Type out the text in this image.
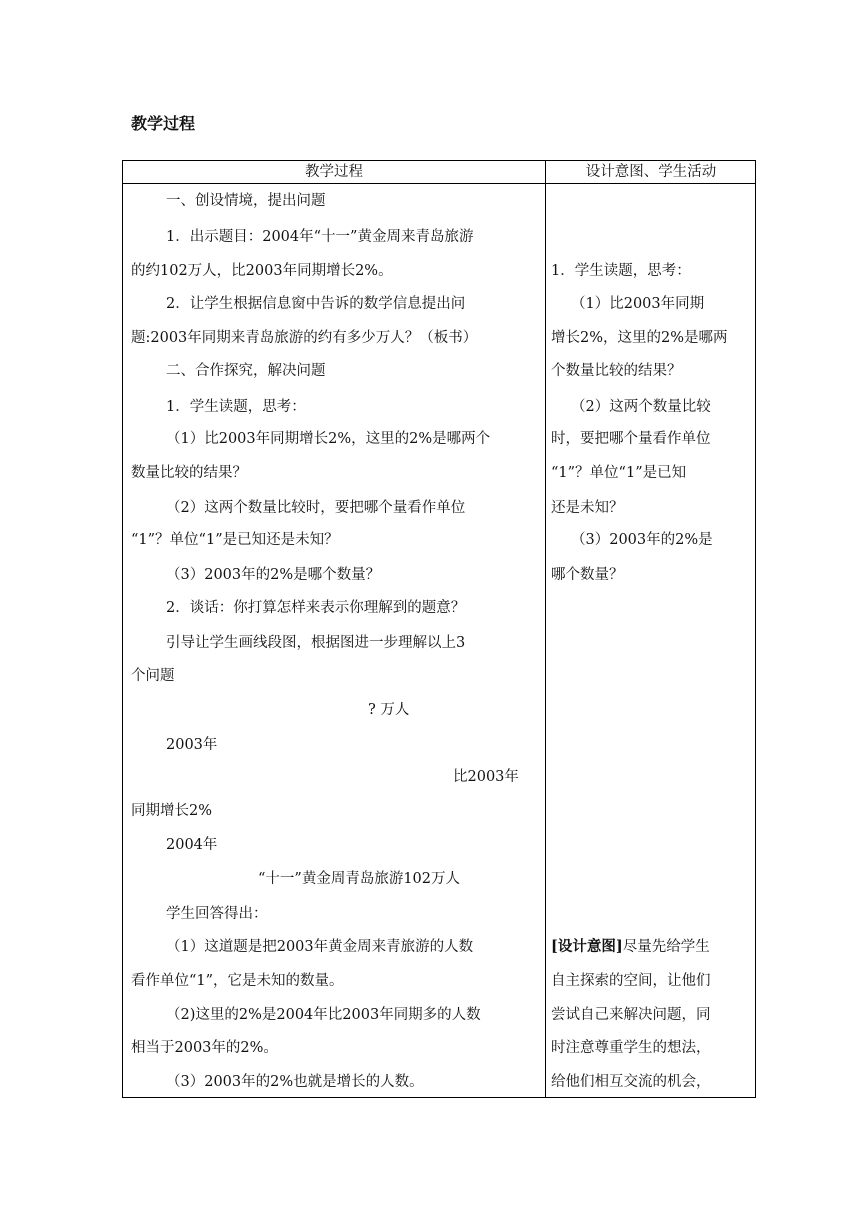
教学过程
教学过程	设计意图、学生活动
一、创设情境，提出问题
1．出示题目：2004年“十一”黄金周来青岛旅游
的约102万人，比2003年同期增长2%。
2．让学生根据信息窗中告诉的数学信息提出问
题:2003年同期来青岛旅游的约有多少万人？（板书）
二、合作探究，解决问题
1．学生读题，思考：
（1）比2003年同期增长2%，这里的2%是哪两个
数量比较的结果？
（2）这两个数量比较时，要把哪个量看作单位
“1”？单位“1”是已知还是未知？
（3）2003年的2%是哪个数量？
2．谈话：你打算怎样来表示你理解到的题意？
引导让学生画线段图，根据图进一步理解以上3
个问题
? 万人
2003年
比2003年
同期增长2%
2004年
“十一”黄金周青岛旅游102万人
学生回答得出：
（1）这道题是把2003年黄金周来青旅游的人数
看作单位“1”，它是未知的数量。
（2)这里的2%是2004年比2003年同期多的人数
相当于2003年的2%。
（3）2003年的2%也就是增长的人数。
1．学生读题，思考：
（1）比2003年同期
增长2%，这里的2%是哪两
个数量比较的结果？
（2）这两个数量比较
时，要把哪个量看作单位
“1”？单位“1”是已知
还是未知？
（3）2003年的2%是
哪个数量？
[设计意图]尽量先给学生
自主探索的空间，让他们
尝试自己来解决问题，同
时注意尊重学生的想法，
给他们相互交流的机会，
